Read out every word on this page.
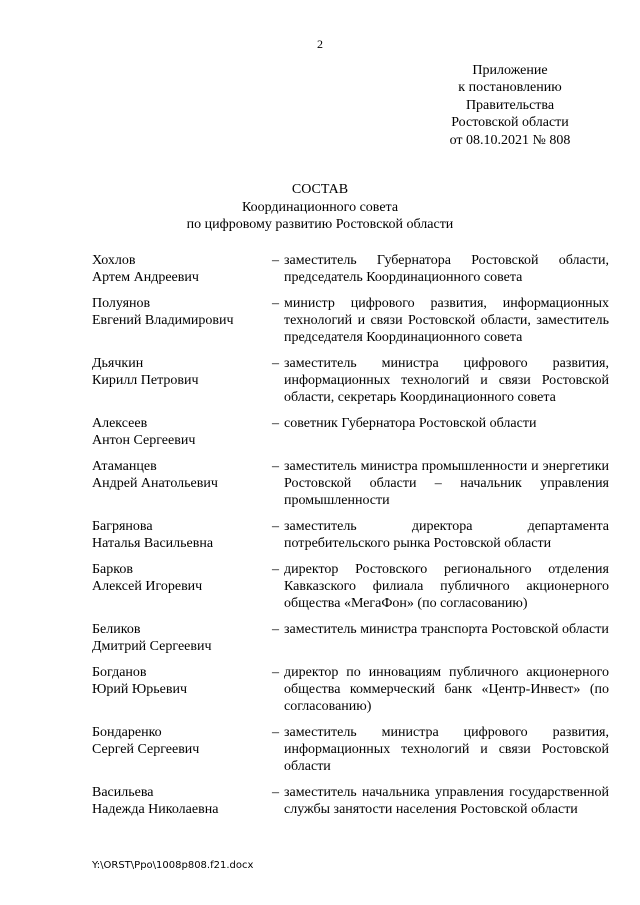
2
Приложение
к постановлению
Правительства
Ростовской области
от 08.10.2021 № 808
СОСТАВ
Координационного совета
по цифровому развитию Ростовской области
Хохлов
Артем Андреевич
– заместитель Губернатора Ростовской области, председатель Координационного совета
Полуянов
Евгений Владимирович
– министр цифрового развития, информационных технологий и связи Ростовской области, заместитель председателя Координационного совета
Дьячкин
Кирилл Петрович
– заместитель министра цифрового развития, информационных технологий и связи Ростовской области, секретарь Координационного совета
Алексеев
Антон Сергеевич
– советник Губернатора Ростовской области
Атаманцев
Андрей Анатольевич
– заместитель министра промышленности и энергетики Ростовской области – начальник управления промышленности
Багрянова
Наталья Васильевна
– заместитель директора департамента потребительского рынка Ростовской области
Барков
Алексей Игоревич
– директор Ростовского регионального отделения Кавказского филиала публичного акционерного общества «МегаФон» (по согласованию)
Беликов
Дмитрий Сергеевич
– заместитель министра транспорта Ростовской области
Богданов
Юрий Юрьевич
– директор по инновациям публичного акционерного общества коммерческий банк «Центр-Инвест» (по согласованию)
Бондаренко
Сергей Сергеевич
– заместитель министра цифрового развития, информационных технологий и связи Ростовской области
Васильева
Надежда Николаевна
– заместитель начальника управления государственной службы занятости населения Ростовской области
Y:\ORST\Ppo\1008p808.f21.docx
